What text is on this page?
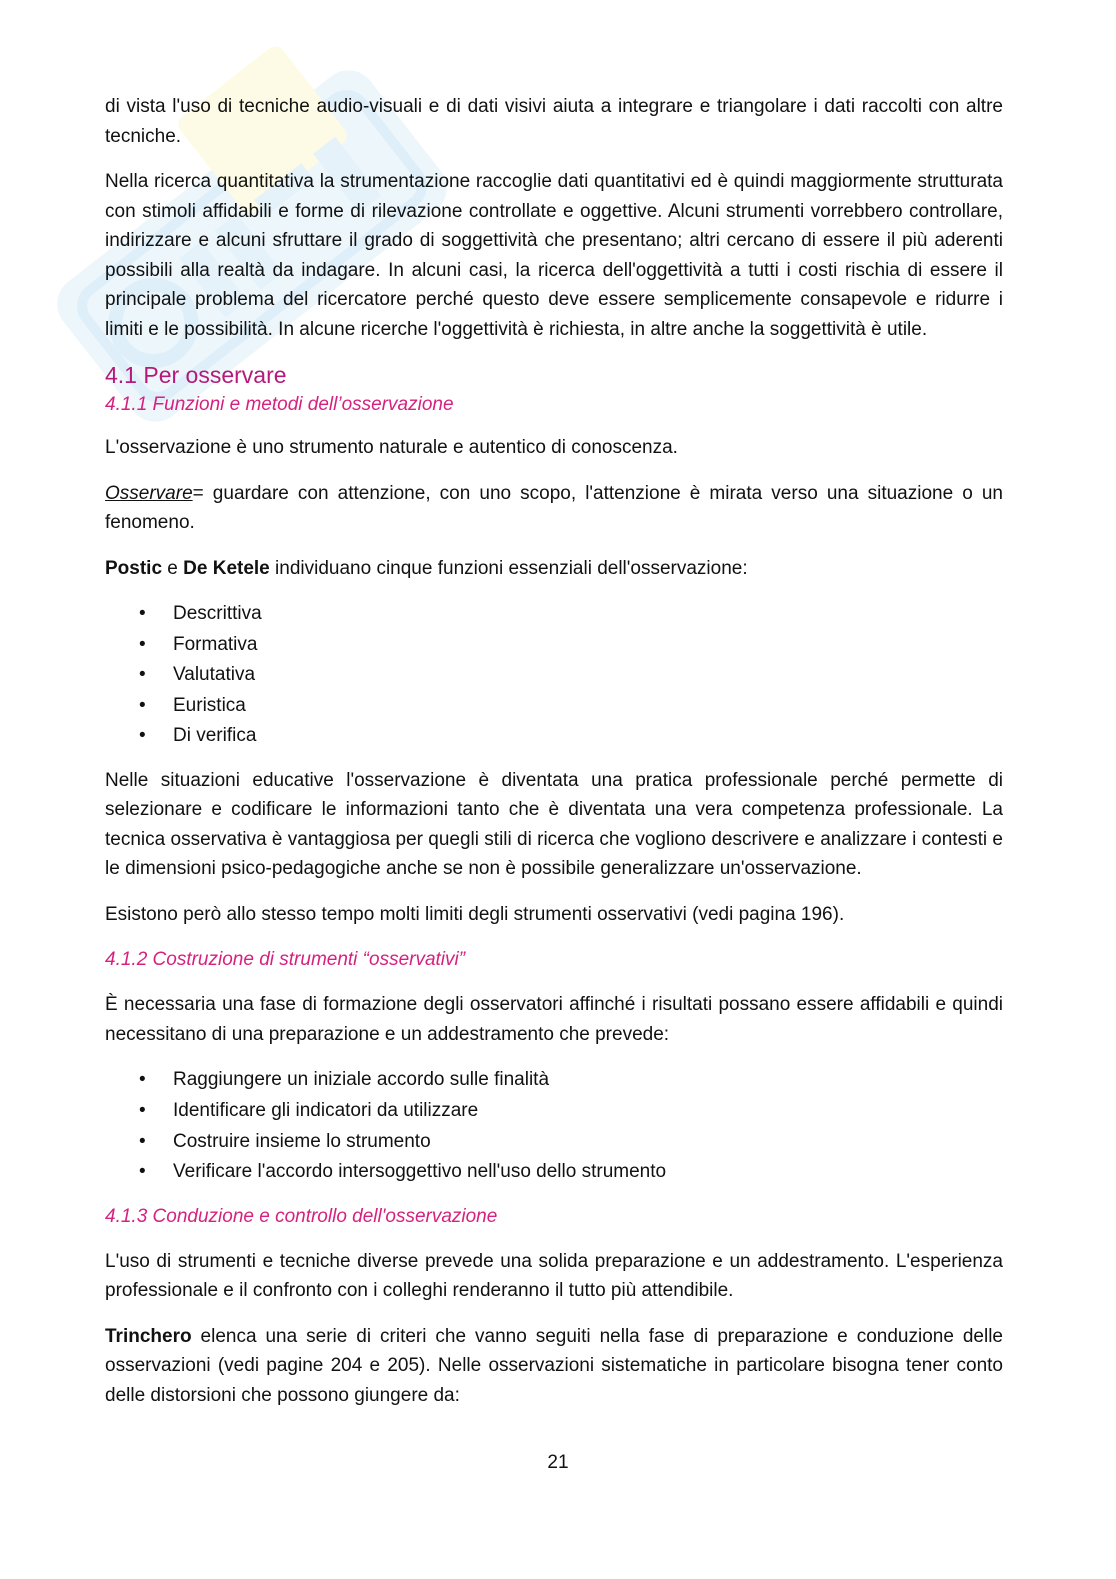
di vista l'uso di tecniche audio-visuali e di dati visivi aiuta a integrare e triangolare i dati raccolti con altre tecniche.

Nella ricerca quantitativa la strumentazione raccoglie dati quantitativi ed è quindi maggiormente strutturata con stimoli affidabili e forme di rilevazione controllate e oggettive. Alcuni strumenti vorrebbero controllare, indirizzare e alcuni sfruttare il grado di soggettività che presentano; altri cercano di essere il più aderenti possibili alla realtà da indagare. In alcuni casi, la ricerca dell'oggettività a tutti i costi rischia di essere il principale problema del ricercatore perché questo deve essere semplicemente consapevole e ridurre i limiti e le possibilità. In alcune ricerche l'oggettività è richiesta, in altre anche la soggettività è utile.

4.1 Per osservare
4.1.1 Funzioni e metodi dell’osservazione

L'osservazione è uno strumento naturale e autentico di conoscenza.

Osservare= guardare con attenzione, con uno scopo, l'attenzione è mirata verso una situazione o un fenomeno.

Postic e De Ketele individuano cinque funzioni essenziali dell'osservazione:

• Descrittiva
• Formativa
• Valutativa
• Euristica
• Di verifica

Nelle situazioni educative l'osservazione è diventata una pratica professionale perché permette di selezionare e codificare le informazioni tanto che è diventata una vera competenza professionale. La tecnica osservativa è vantaggiosa per quegli stili di ricerca che vogliono descrivere e analizzare i contesti e le dimensioni psico-pedagogiche anche se non è possibile generalizzare un'osservazione.

Esistono però allo stesso tempo molti limiti degli strumenti osservativi (vedi pagina 196).

4.1.2 Costruzione di strumenti “osservativi”

È necessaria una fase di formazione degli osservatori affinché i risultati possano essere affidabili e quindi necessitano di una preparazione e un addestramento che prevede:

• Raggiungere un iniziale accordo sulle finalità
• Identificare gli indicatori da utilizzare
• Costruire insieme lo strumento
• Verificare l'accordo intersoggettivo nell'uso dello strumento
4.1.3 Conduzione e controllo dell'osservazione

L'uso di strumenti e tecniche diverse prevede una solida preparazione e un addestramento. L'esperienza professionale e il confronto con i colleghi renderanno il tutto più attendibile.

Trinchero elenca una serie di criteri che vanno seguiti nella fase di preparazione e conduzione delle osservazioni (vedi pagine 204 e 205). Nelle osservazioni sistematiche in particolare bisogna tener conto delle distorsioni che possono giungere da:

21
